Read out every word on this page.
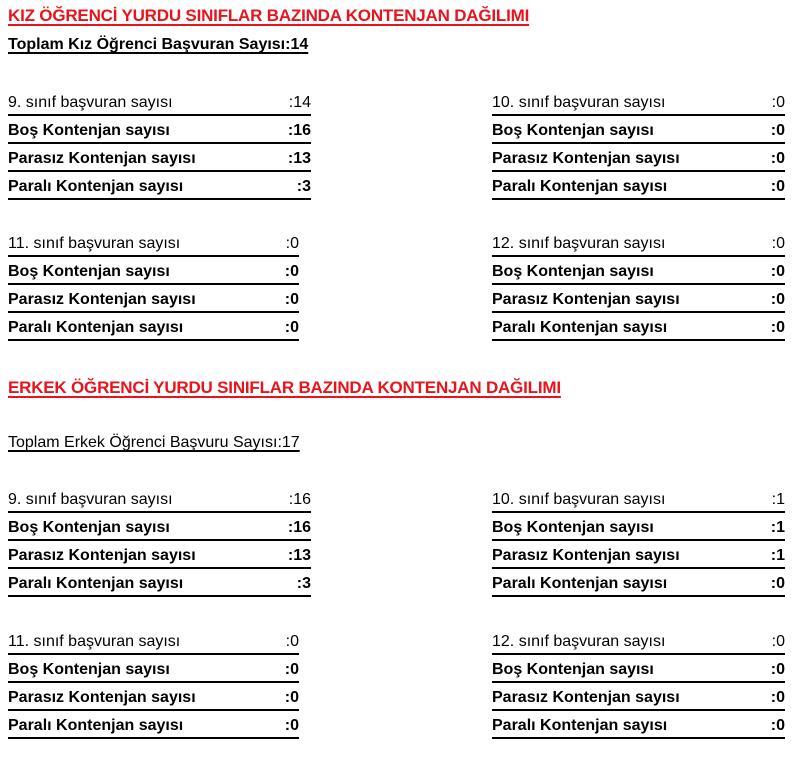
KIZ ÖĞRENCİ YURDU SINIFLAR BAZINDA KONTENJAN DAĞILIMI
Toplam Kız Öğrenci Başvuran Sayısı:14
9. sınıf başvuran sayısı	:14
Boş Kontenjan sayısı	:16
Parasız Kontenjan sayısı	:13
Paralı Kontenjan sayısı	:3
10. sınıf başvuran sayısı	:0
Boş Kontenjan sayısı	:0
Parasız Kontenjan sayısı	:0
Paralı Kontenjan sayısı	:0
11. sınıf başvuran sayısı	:0
Boş Kontenjan sayısı	:0
Parasız Kontenjan sayısı	:0
Paralı Kontenjan sayısı	:0
12. sınıf başvuran sayısı	:0
Boş Kontenjan sayısı	:0
Parasız Kontenjan sayısı	:0
Paralı Kontenjan sayısı	:0
ERKEK ÖĞRENCİ YURDU SINIFLAR BAZINDA KONTENJAN DAĞILIMI
Toplam Erkek Öğrenci Başvuru Sayısı:17
9. sınıf başvuran sayısı	:16
Boş Kontenjan sayısı	:16
Parasız Kontenjan sayısı	:13
Paralı Kontenjan sayısı	:3
10. sınıf başvuran sayısı	:1
Boş Kontenjan sayısı	:1
Parasız Kontenjan sayısı	:1
Paralı Kontenjan sayısı	:0
11. sınıf başvuran sayısı	:0
Boş Kontenjan sayısı	:0
Parasız Kontenjan sayısı	:0
Paralı Kontenjan sayısı	:0
12. sınıf başvuran sayısı	:0
Boş Kontenjan sayısı	:0
Parasız Kontenjan sayısı	:0
Paralı Kontenjan sayısı	:0
